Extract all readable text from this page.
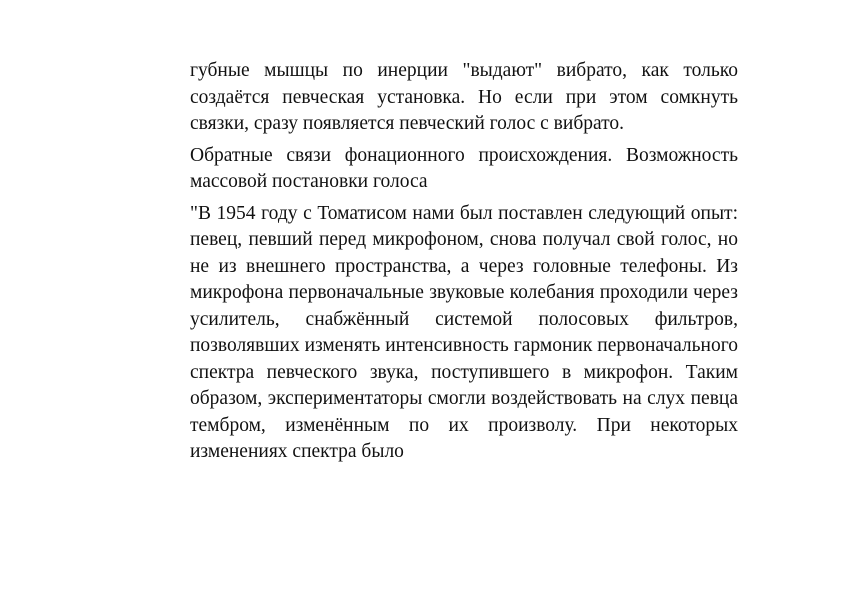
губные мышцы по инерции "выдают" вибрато, как только создаётся певческая установка. Но если при этом сомкнуть связки, сразу появляется певческий голос с вибрато.

Обратные связи фонационного происхождения. Возможность массовой постановки голоса

"В 1954 году с Томатисом нами был поставлен следующий опыт: певец, певший перед микрофоном, снова получал свой голос, но не из внешнего пространства, а через головные телефоны. Из микрофона первоначальные звуковые колебания проходили через усилитель, снабжённый системой полосовых фильтров, позволявших изменять интенсивность гармоник первоначального спектра певческого звука, поступившего в микрофон. Таким образом, экспериментаторы смогли воздействовать на слух певца тембром, изменённым по их произволу. При некоторых изменениях спектра было
